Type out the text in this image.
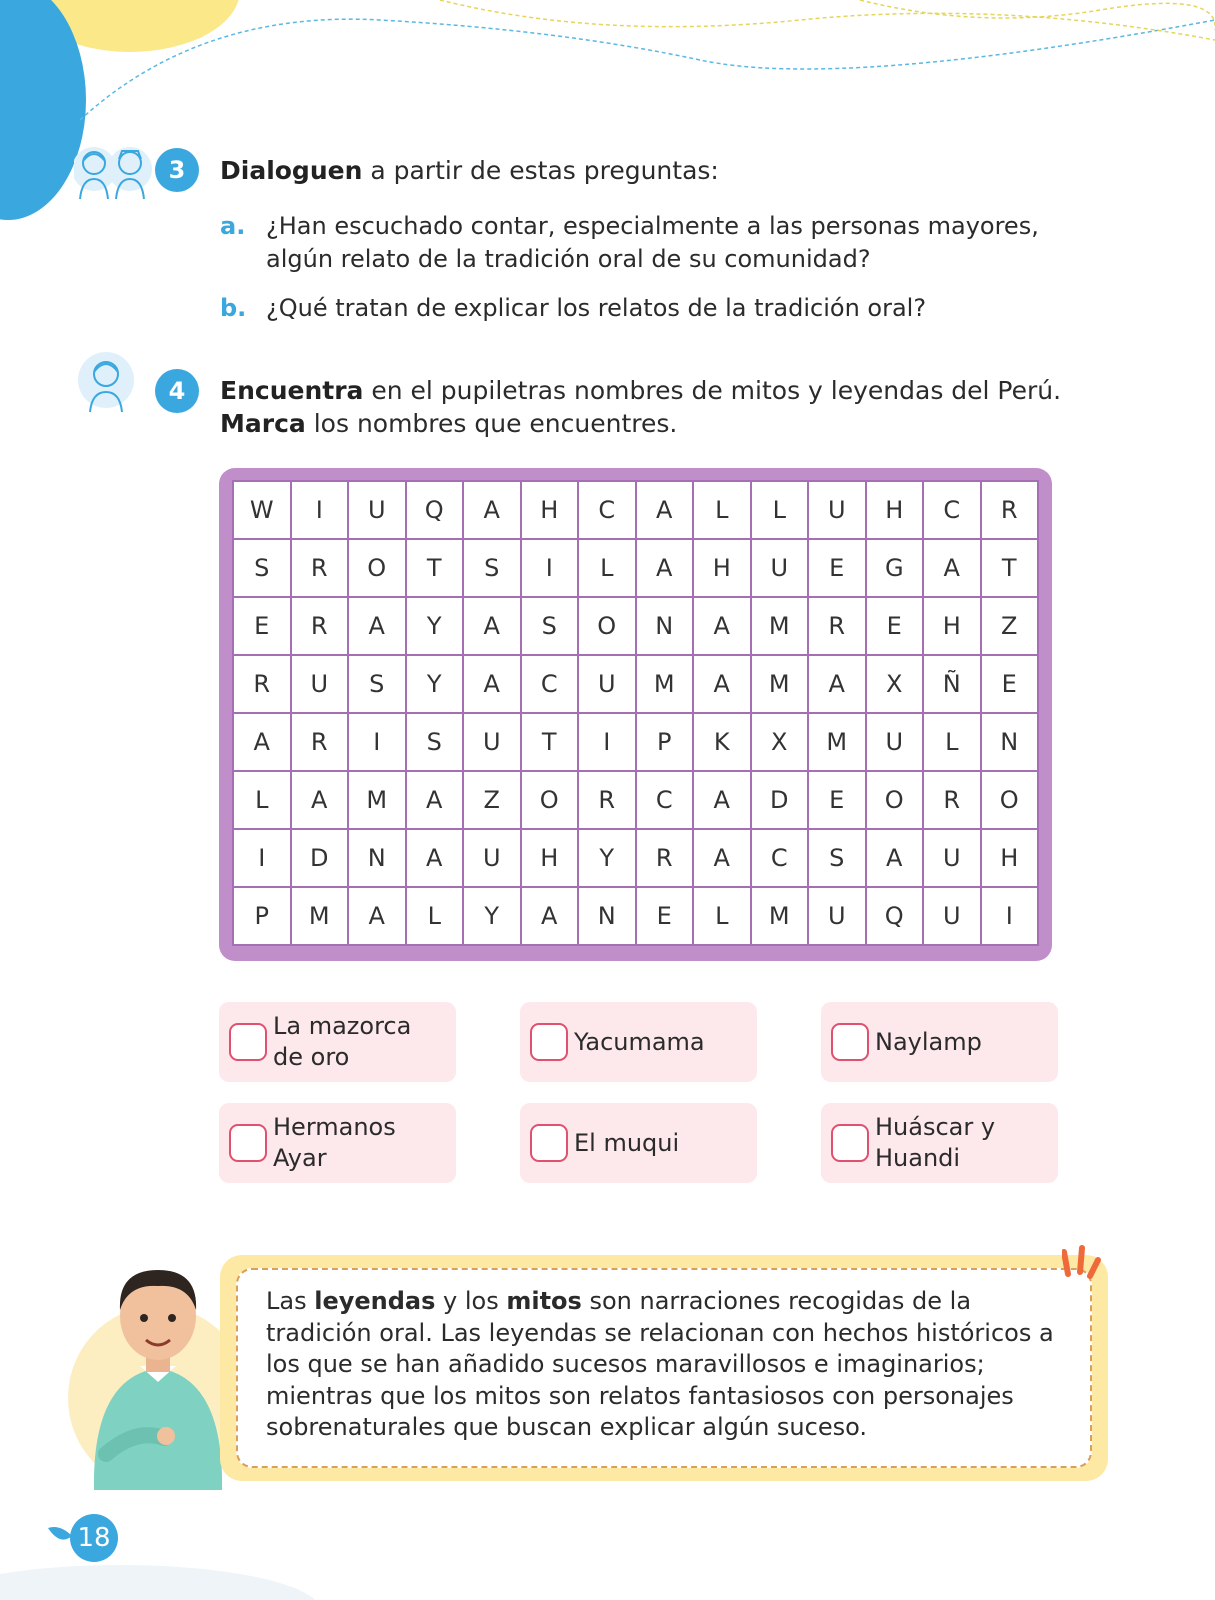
3	Dialoguen a partir de estas preguntas:
a. ¿Han escuchado contar, especialmente a las personas mayores, algún relato de la tradición oral de su comunidad?
b. ¿Qué tratan de explicar los relatos de la tradición oral?
4	Encuentra en el pupiletras nombres de mitos y leyendas del Perú.
Marca los nombres que encuentres.
W	I	U	Q	A	H	C	A	L	L	U	H	C	R
S	R	O	T	S	I	L	A	H	U	E	G	A	T
E	R	A	Y	A	S	O	N	A	M	R	E	H	Z
R	U	S	Y	A	C	U	M	A	M	A	X	Ñ	E
A	R	I	S	U	T	I	P	K	X	M	U	L	N
L	A	M	A	Z	O	R	C	A	D	E	O	R	O
I	D	N	A	U	H	Y	R	A	C	S	A	U	H
P	M	A	L	Y	A	N	E	L	M	U	Q	U	I
La mazorca de oro
Yacumama	Naylamp
Hermanos Ayar
El muqui
Huáscar y Huandi
Las leyendas y los mitos son narraciones recogidas de la tradición oral. Las leyendas se relacionan con hechos históricos a los que se han añadido sucesos maravillosos e imaginarios; mientras que los mitos son relatos fantasiosos con personajes sobrenaturales que buscan explicar algún suceso.
18
